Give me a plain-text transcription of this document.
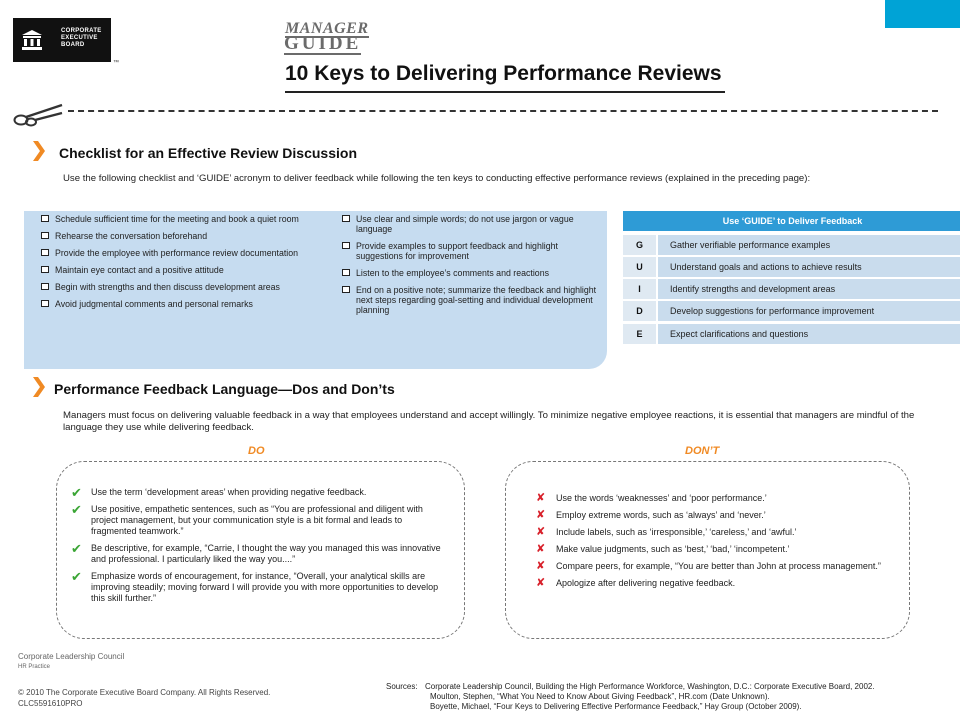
CORPORATE
EXECUTIVE
BOARD
™
MANAGER
GUIDE
10 Keys to Delivering Performance Reviews
Checklist for an Effective Review Discussion
Use the following checklist and ‘GUIDE’ acronym to deliver feedback while following the ten keys to conducting effective performance reviews (explained in the preceding page):
Schedule sufficient time for the meeting and book a quiet room
Rehearse the conversation beforehand
Provide the employee with performance review documentation
Maintain eye contact and a positive attitude
Begin with strengths and then discuss development areas
Avoid judgmental comments and personal remarks
Use clear and simple words; do not use jargon or vague language
Provide examples to support feedback and highlight suggestions for improvement
Listen to the employee’s comments and reactions
End on a positive note; summarize the feedback and highlight next steps regarding goal-setting and individual development planning
Use ‘GUIDE’ to Deliver Feedback
G	Gather verifiable performance examples
U	Understand goals and actions to achieve results
I	Identify strengths and development areas
D	Develop suggestions for performance improvement
E	Expect clarifications and questions
Performance Feedback Language—Dos and Don’ts
Managers must focus on delivering valuable feedback in a way that employees understand and accept willingly. To minimize negative employee reactions, it is essential that managers are mindful of the language they use while delivering feedback.
DO	DON’T
✔	Use the term ‘development areas’ when providing negative feedback.
✔	Use positive, empathetic sentences, such as “You are professional and diligent with project management, but your communication style is a bit formal and leads to fragmented teamwork.”
✔	Be descriptive, for example, “Carrie, I thought the way you managed this was innovative and professional. I particularly liked the way you....”
✔	Emphasize words of encouragement, for instance, “Overall, your analytical skills are improving steadily; moving forward I will provide you with more opportunities to develop this skill further.”
✘	Use the words ‘weaknesses’ and ‘poor performance.’
✘	Employ extreme words, such as ‘always’ and ‘never.’
✘	Include labels, such as ‘irresponsible,’ ‘careless,’ and ‘awful.’
✘	Make value judgments, such as ‘best,’ ‘bad,’ ‘incompetent.’
✘	Compare peers, for example, “You are better than John at process management.”
✘	Apologize after delivering negative feedback.
Corporate Leadership Council
HR Practice
© 2010 The Corporate Executive Board Company. All Rights Reserved.
CLC5591610PRO
Sources: Corporate Leadership Council, Building the High Performance Workforce, Washington, D.C.: Corporate Executive Board, 2002.
Moulton, Stephen, “What You Need to Know About Giving Feedback”, HR.com (Date Unknown).
Boyette, Michael, “Four Keys to Delivering Effective Performance Feedback,” Hay Group (October 2009).
